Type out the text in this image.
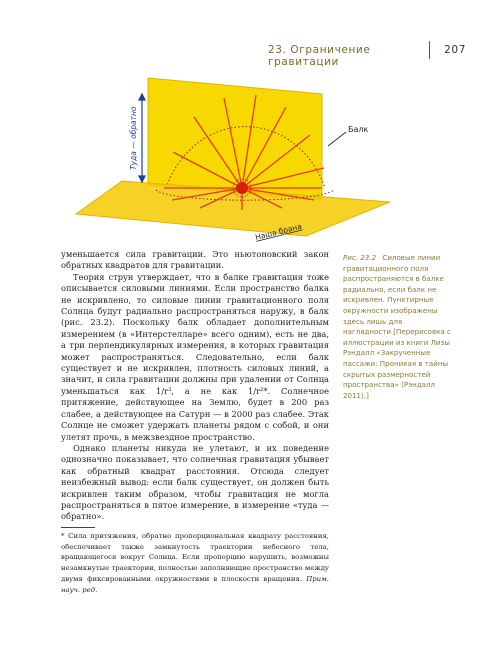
23. Ограничение гравитации
207
Туда — обратно	Балк
Наша брана

уменьшается сила гравитации. Это ньютоновский закон обратных квадратов для гравитации.

Теория струн утверждает, что в балке гравитация тоже описывается силовыми линиями. Если пространство балка не искривлено, то силовые линии гравитационного поля Солнца будут радиально распространяться наружу, в балк (рис. 23.2). Поскольку балк обладает дополнительным измерением (в «Интерстелларе» всего одним), есть не два, а три перпендикулярных измерения, в которых гравитация может распространяться. Следовательно, если балк существует и не искривлен, плотность силовых линий, а значит, и сила гравитации должны при удалении от Солнца уменьшаться как 1/r³, а не как 1/r²*. Солнечное притяжение, действующее на Землю, будет в 200 раз слабее, а действующее на Сатурн — в 2000 раз слабее. Этак Солнце не сможет удержать планеты рядом с собой, и они улетят прочь, в межзвездное пространство.

Однако планеты никуда не улетают, и их поведение однозначно показывает, что солнечная гравитация убывает как обратный квадрат расстояния. Отсюда следует неизбежный вывод: если балк существует, он должен быть искривлен таким образом, чтобы гравитация не могла распространяться в пятое измерение, в измерение «туда — обратно».

Рис. 23.2 Силовые линии гравитационного поля распространяются в балке радиально, если балк не искривлен. Пунктирные окружности изображены здесь лишь для наглядности [Перерисовка с иллюстрации из книги Лизы Рэндалл «Закрученные пассажи: Проникая в тайны скрытых размерностей пространства» (Рэндалл 2011).]
* Сила притяжения, обратно пропорциональная квадрату расстояния, обеспечивает также замкнутость траектории небесного тела, вращающегося вокруг Солнца. Если пропорцию нарушить, возможны незамкнутые траектории, полностью заполняющие пространство между двумя фиксированными окружностями в плоскости вращения. Прим. науч. ред.
